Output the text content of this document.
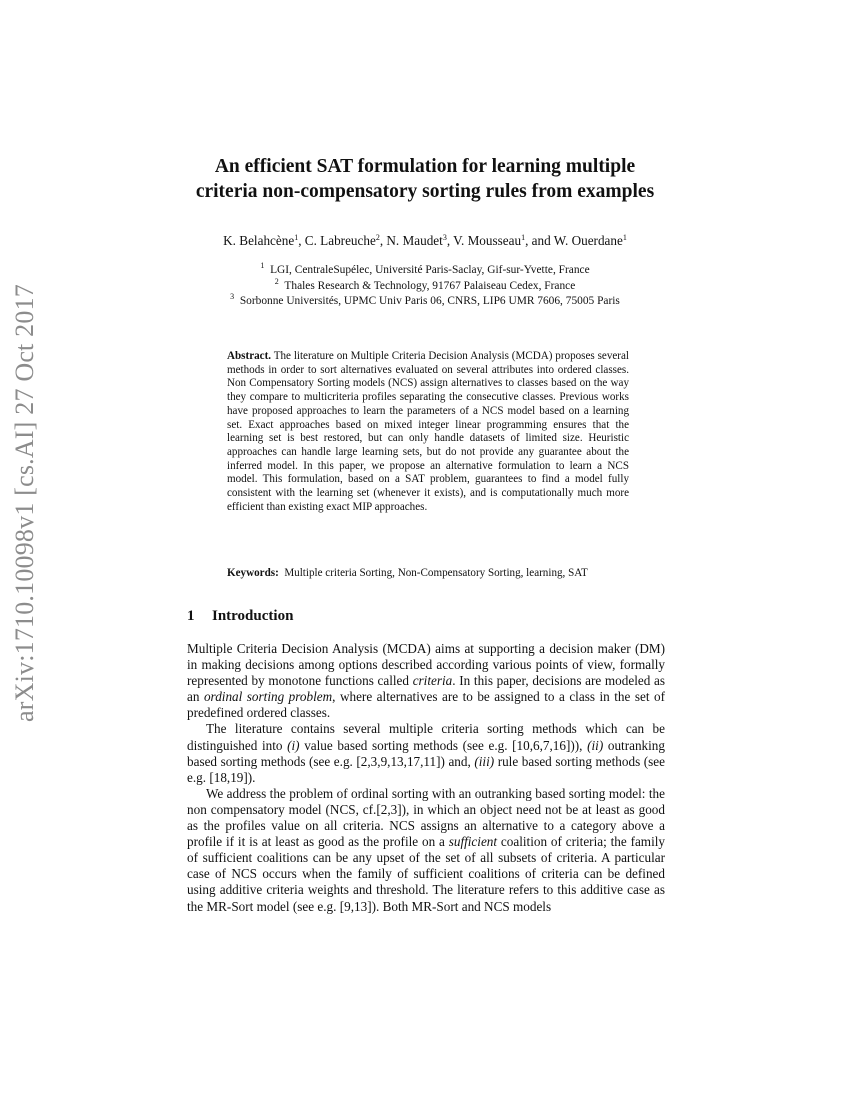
arXiv:1710.10098v1 [cs.AI] 27 Oct 2017
An efficient SAT formulation for learning multiple
criteria non-compensatory sorting rules from examples
K. Belahcène$^1$, C. Labreuche$^2$, N. Maudet$^3$, V. Mousseau$^1$, and W. Ouerdane$^1$
$^1$ LGI, CentraleSupélec, Université Paris-Saclay, Gif-sur-Yvette, France
$^2$ Thales Research & Technology, 91767 Palaiseau Cedex, France
$^3$ Sorbonne Universités, UPMC Univ Paris 06, CNRS, LIP6 UMR 7606, 75005 Paris

Abstract. The literature on Multiple Criteria Decision Analysis (MCDA) proposes several methods in order to sort alternatives evaluated on several attributes into ordered classes. Non Compensatory Sorting models (NCS) assign alternatives to classes based on the way they compare to multicriteria profiles separating the consecutive classes. Previous works have proposed approaches to learn the parameters of a NCS model based on a learning set. Exact approaches based on mixed integer linear programming ensures that the learning set is best restored, but can only handle datasets of limited size. Heuristic approaches can handle large learning sets, but do not provide any guarantee about the inferred model. In this paper, we propose an alternative formulation to learn a NCS model. This formulation, based on a SAT problem, guarantees to find a model fully consistent with the learning set (whenever it exists), and is computationally much more efficient than existing exact MIP approaches.

Keywords: Multiple criteria Sorting, Non-Compensatory Sorting, learning, SAT

1 Introduction

Multiple Criteria Decision Analysis (MCDA) aims at supporting a decision maker (DM) in making decisions among options described according various points of view, formally represented by monotone functions called criteria. In this paper, decisions are modeled as an ordinal sorting problem, where alternatives are to be assigned to a class in the set of predefined ordered classes.

The literature contains several multiple criteria sorting methods which can be distinguished into (i) value based sorting methods (see e.g. [10,6,7,16])), (ii) outranking based sorting methods (see e.g. [2,3,9,13,17,11]) and, (iii) rule based sorting methods (see e.g. [18,19]).

We address the problem of ordinal sorting with an outranking based sorting model: the non compensatory model (NCS, cf.[2,3]), in which an object need not be at least as good as the profiles value on all criteria. NCS assigns an alternative to a category above a profile if it is at least as good as the profile on a sufficient coalition of criteria; the family of sufficient coalitions can be any upset of the set of all subsets of criteria. A particular case of NCS occurs when the family of sufficient coalitions of criteria can be defined using additive criteria weights and threshold. The literature refers to this additive case as the MR-Sort model (see e.g. [9,13]). Both MR-Sort and NCS models
